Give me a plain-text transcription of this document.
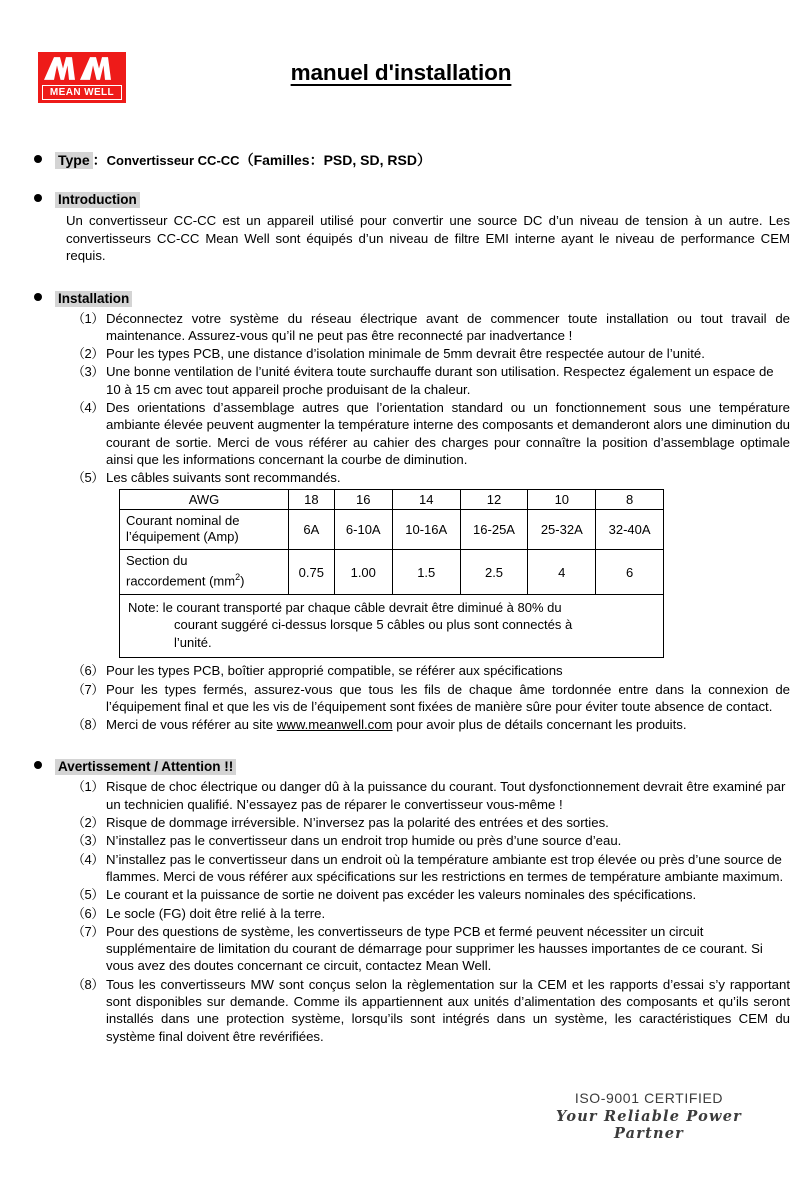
MEAN WELL
manuel d'installation
Type ：Convertisseur CC-CC（Familles：PSD, SD, RSD）
Introduction
Un convertisseur CC-CC est un appareil utilisé pour convertir une source DC d’un niveau de tension à un autre. Les convertisseurs CC-CC Mean Well sont équipés d’un niveau de filtre EMI interne ayant le niveau de performance CEM requis.
Installation
（1） Déconnectez votre système du réseau électrique avant de commencer toute installation ou tout travail de maintenance. Assurez-vous qu’il ne peut pas être reconnecté par inadvertance !
（2） Pour les types PCB, une distance d’isolation minimale de 5mm devrait être respectée autour de l’unité.
（3） Une bonne ventilation de l’unité évitera toute surchauffe durant son utilisation. Respectez également un espace de 10 à 15 cm avec tout appareil proche produisant de la chaleur.
（4） Des orientations d’assemblage autres que l’orientation standard ou un fonctionnement sous une température ambiante élevée peuvent augmenter la température interne des composants et demanderont alors une diminution du courant de sortie. Merci de vous référer au cahier des charges pour connaître la position d’assemblage optimale ainsi que les informations concernant la courbe de diminution.
（5） Les câbles suivants sont recommandés.
AWG	18	16	14	12	10	8
Courant nominal de
l’équipement (Amp)	6A	6-10A	10-16A	16-25A	25-32A	32-40A
Section du
raccordement $(mm^2)$	0.75	1.00	1.5	2.5	4	6
Note: le courant transporté par chaque câble devrait être diminué à 80% du
courant suggéré ci-dessus lorsque 5 câbles ou plus sont connectés à
l’unité.						
（6） Pour les types PCB, boîtier approprié compatible, se référer aux spécifications
（7） Pour les types fermés, assurez-vous que tous les fils de chaque âme tordonnée entre dans la connexion de l’équipement final et que les vis de l’équipement sont fixées de manière sûre pour éviter toute absence de contact.
（8） Merci de vous référer au site www.meanwell.com pour avoir plus de détails concernant les produits.
Avertissement / Attention !!
（1） Risque de choc électrique ou danger dû à la puissance du courant. Tout dysfonctionnement devrait être examiné par un technicien qualifié. N’essayez pas de réparer le convertisseur vous-même !
（2） Risque de dommage irréversible. N’inversez pas la polarité des entrées et des sorties.
（3） N’installez pas le convertisseur dans un endroit trop humide ou près d’une source d’eau.
（4） N’installez pas le convertisseur dans un endroit où la température ambiante est trop élevée ou près d’une source de flammes. Merci de vous référer aux spécifications sur les restrictions en termes de température ambiante maximum.
（5） Le courant et la puissance de sortie ne doivent pas excéder les valeurs nominales des spécifications.
（6） Le socle (FG) doit être relié à la terre.
（7） Pour des questions de système, les convertisseurs de type PCB et fermé peuvent nécessiter un circuit supplémentaire de limitation du courant de démarrage pour supprimer les hausses importantes de ce courant. Si vous avez des doutes concernant ce circuit, contactez Mean Well.
（8） Tous les convertisseurs MW sont conçus selon la règlementation sur la CEM et les rapports d’essai s’y rapportant sont disponibles sur demande. Comme ils appartiennent aux unités d’alimentation des composants et qu’ils seront installés dans une protection système, lorsqu’ils sont intégrés dans un système, les caractéristiques CEM du système final doivent être revérifiées.
ISO-9001 CERTIFIED
Your Reliable Power Partner
